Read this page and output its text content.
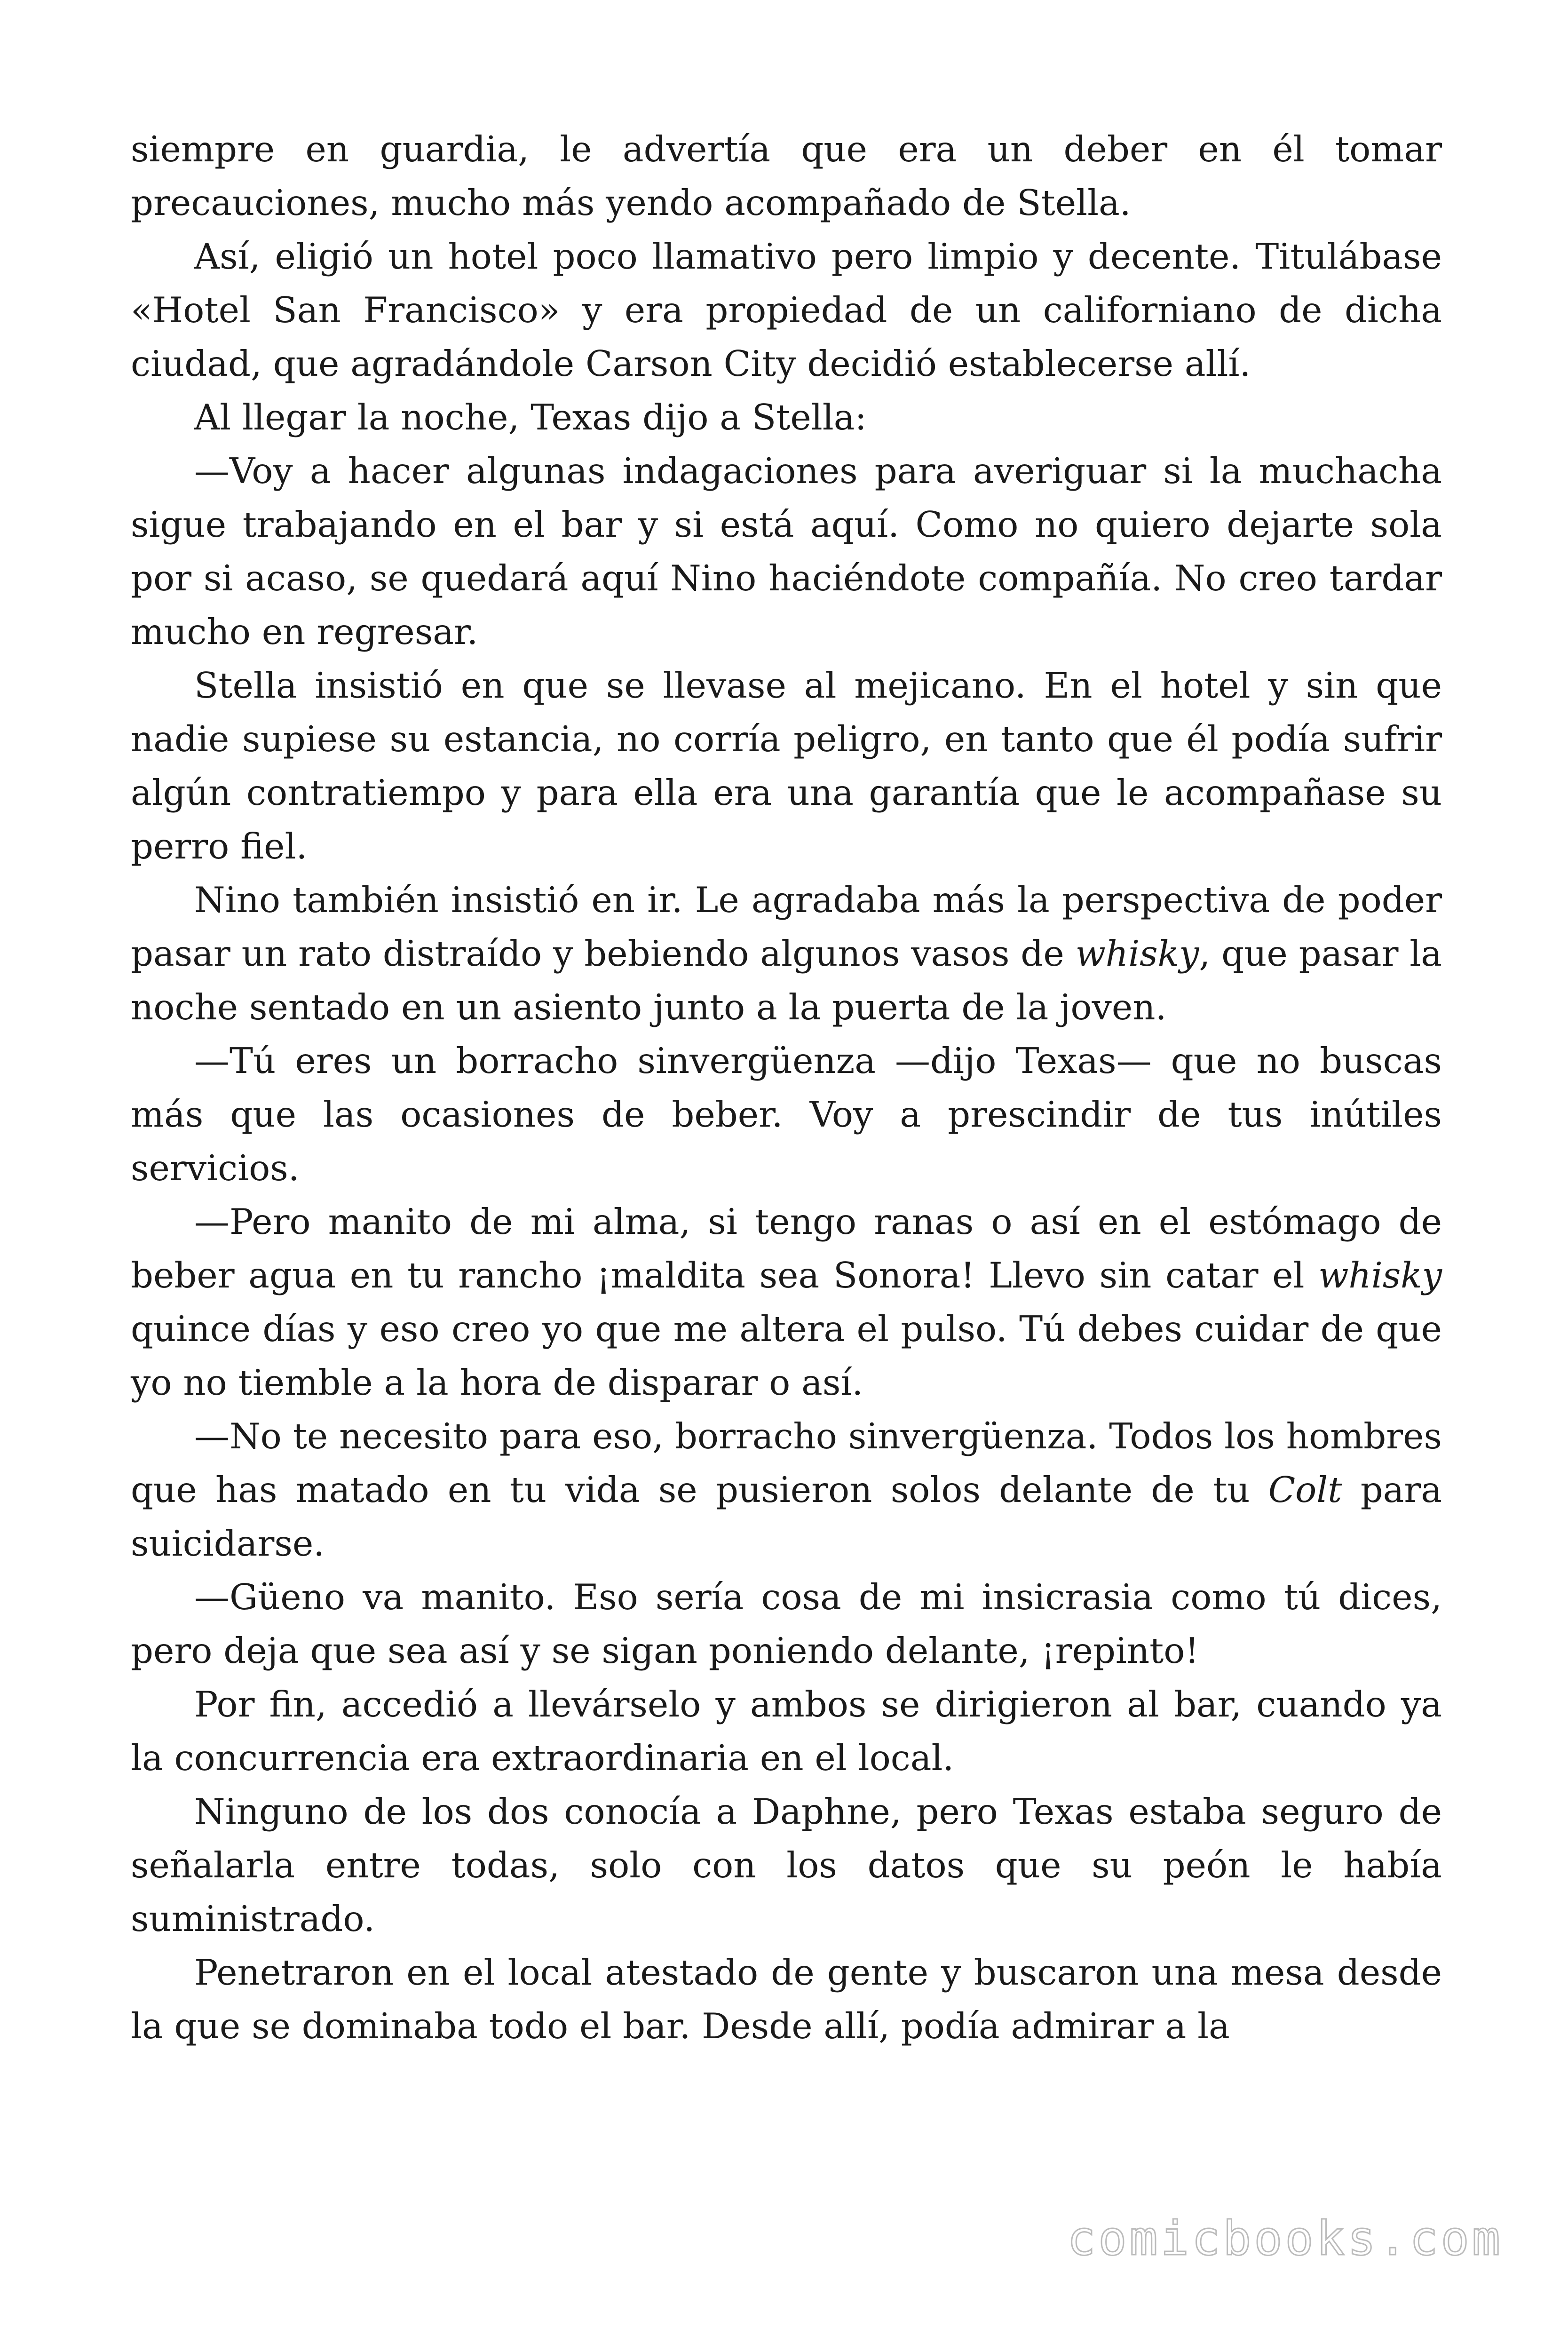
siempre en guardia, le advertía que era un deber en él tomar precauciones, mucho más yendo acompañado de Stella.

Así, eligió un hotel poco llamativo pero limpio y decente. Titulábase «Hotel San Francisco» y era propiedad de un californiano de dicha ciudad, que agradándole Carson City decidió establecerse allí.

Al llegar la noche, Texas dijo a Stella:

—Voy a hacer algunas indagaciones para averiguar si la muchacha sigue trabajando en el bar y si está aquí. Como no quiero dejarte sola por si acaso, se quedará aquí Nino haciéndote compañía. No creo tardar mucho en regresar.

Stella insistió en que se llevase al mejicano. En el hotel y sin que nadie supiese su estancia, no corría peligro, en tanto que él podía sufrir algún contratiempo y para ella era una garantía que le acompañase su perro fiel.

Nino también insistió en ir. Le agradaba más la perspectiva de poder pasar un rato distraído y bebiendo algunos vasos de whisky, que pasar la noche sentado en un asiento junto a la puerta de la joven.

—Tú eres un borracho sinvergüenza —dijo Texas— que no buscas más que las ocasiones de beber. Voy a prescindir de tus inútiles servicios.

—Pero manito de mi alma, si tengo ranas o así en el estómago de beber agua en tu rancho ¡maldita sea Sonora! Llevo sin catar el whisky quince días y eso creo yo que me altera el pulso. Tú debes cuidar de que yo no tiemble a la hora de disparar o así.

—No te necesito para eso, borracho sinvergüenza. Todos los hombres que has matado en tu vida se pusieron solos delante de tu Colt para suicidarse.

—Güeno va manito. Eso sería cosa de mi insicrasia como tú dices, pero deja que sea así y se sigan poniendo delante, ¡repinto!

Por fin, accedió a llevárselo y ambos se dirigieron al bar, cuando ya la concurrencia era extraordinaria en el local.

Ninguno de los dos conocía a Daphne, pero Texas estaba seguro de señalarla entre todas, solo con los datos que su peón le había suministrado.

Penetraron en el local atestado de gente y buscaron una mesa desde la que se dominaba todo el bar. Desde allí, podía admirar a la

comicbooks.com
